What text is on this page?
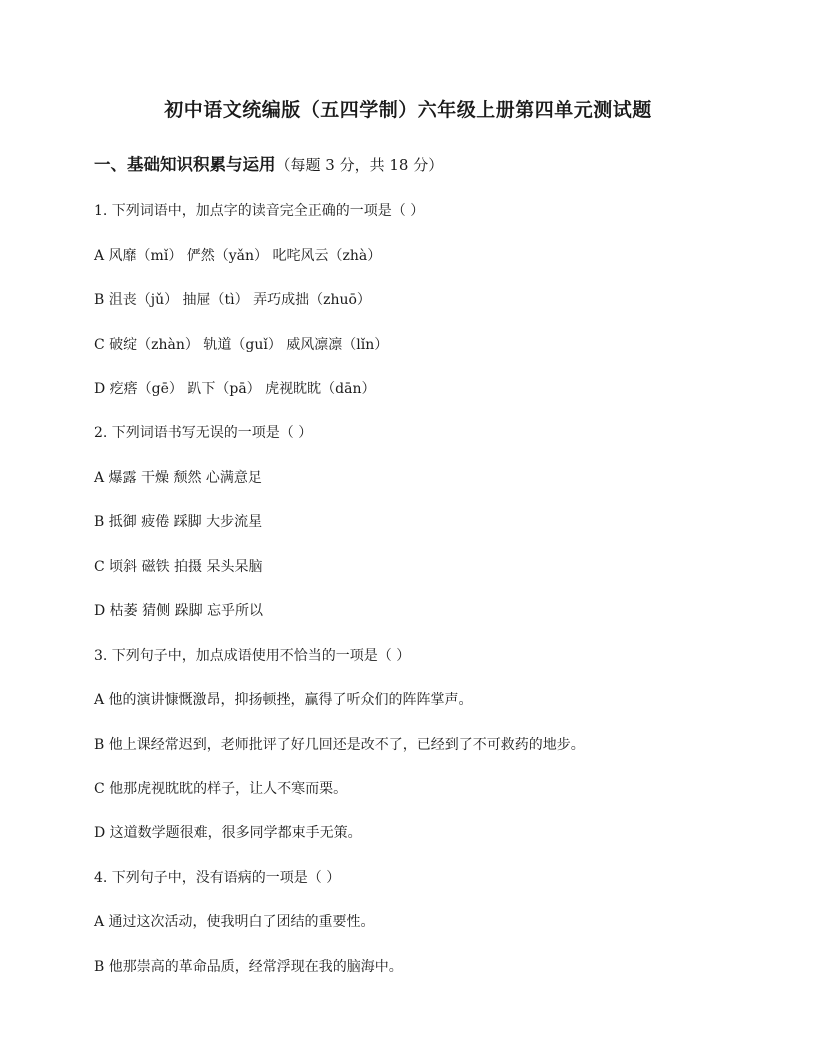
初中语文统编版（五四学制）六年级上册第四单元测试题
一、基础知识积累与运用（每题 3 分，共 18 分）
1. 下列词语中，加点字的读音完全正确的一项是（ ）
A 风靡（mǐ） 俨然（yǎn） 叱咤风云（zhà）
B 沮丧（jǔ） 抽屉（tì） 弄巧成拙（zhuō）
C 破绽（zhàn） 轨道（guǐ） 威风凛凛（lǐn）
D 疙瘩（gē） 趴下（pā） 虎视眈眈（dān）
2. 下列词语书写无误的一项是（ ）
A 爆露 干燥 颓然 心满意足
B 抵御 疲倦 踩脚 大步流星
C 顷斜 磁铁 拍摄 呆头呆脑
D 枯萎 猜侧 跺脚 忘乎所以
3. 下列句子中，加点成语使用不恰当的一项是（ ）
A 他的演讲慷慨激昂，抑扬顿挫，赢得了听众们的阵阵掌声。
B 他上课经常迟到，老师批评了好几回还是改不了，已经到了不可救药的地步。
C 他那虎视眈眈的样子，让人不寒而栗。
D 这道数学题很难，很多同学都束手无策。
4. 下列句子中，没有语病的一项是（ ）
A 通过这次活动，使我明白了团结的重要性。
B 他那崇高的革命品质，经常浮现在我的脑海中。
